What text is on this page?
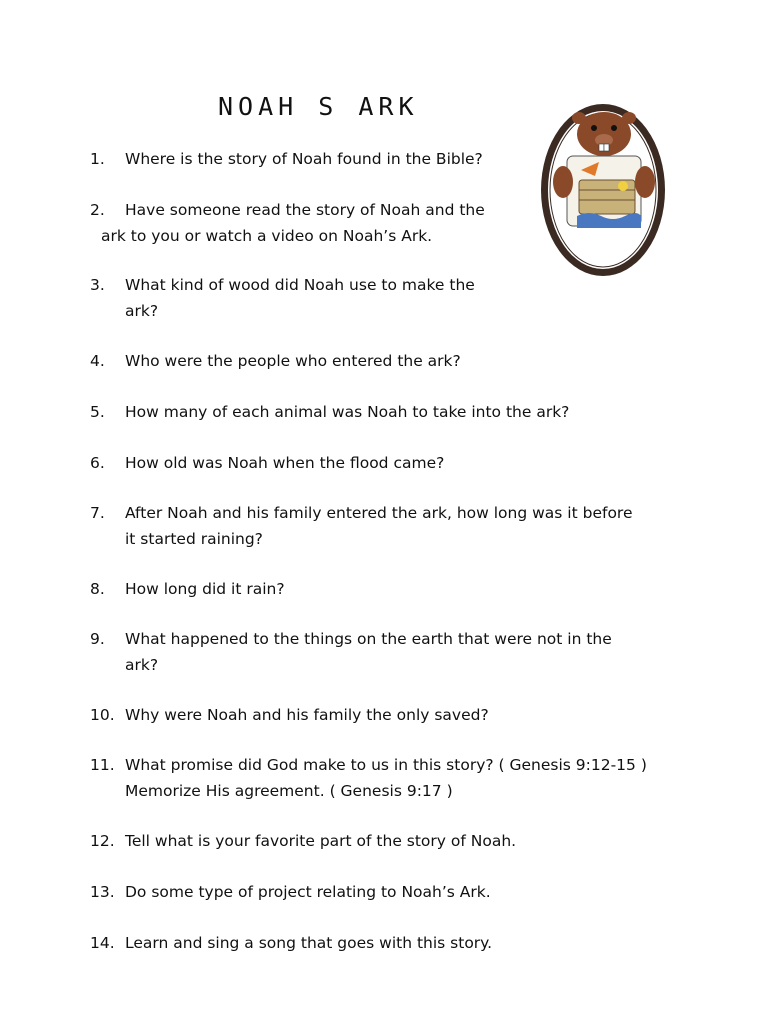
NOAH S ARK
1. Where is the story of Noah found in the Bible?
2. Have someone read the story of Noah and the
ark to you or watch a video on Noah’s Ark.
3. What kind of wood did Noah use to make the
ark?
4. Who were the people who entered the ark?
5. How many of each animal was Noah to take into the ark?
6. How old was Noah when the flood came?
7. After Noah and his family entered the ark, how long was it before
it started raining?
8. How long did it rain?
9. What happened to the things on the earth that were not in the
ark?
10. Why were Noah and his family the only saved?
11. What promise did God make to us in this story? ( Genesis 9:12-15 )
Memorize His agreement. ( Genesis 9:17 )
12. Tell what is your favorite part of the story of Noah.
13. Do some type of project relating to Noah’s Ark.
14. Learn and sing a song that goes with this story.
